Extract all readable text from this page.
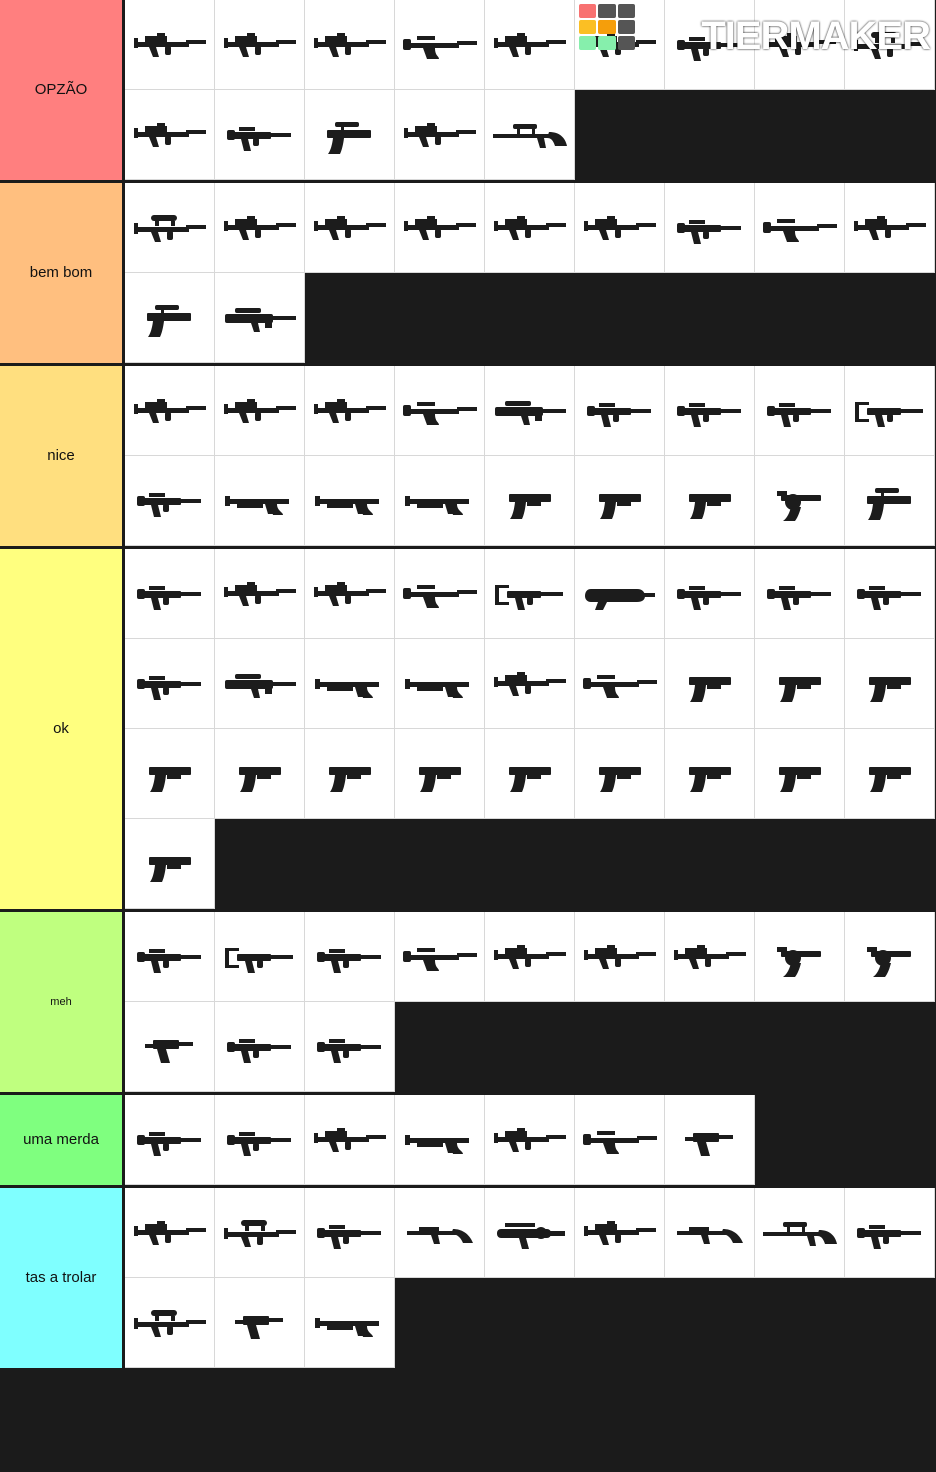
TIERMAKER
OPZÃO
bem bom
nice
ok
meh
uma merda
tas a trolar
